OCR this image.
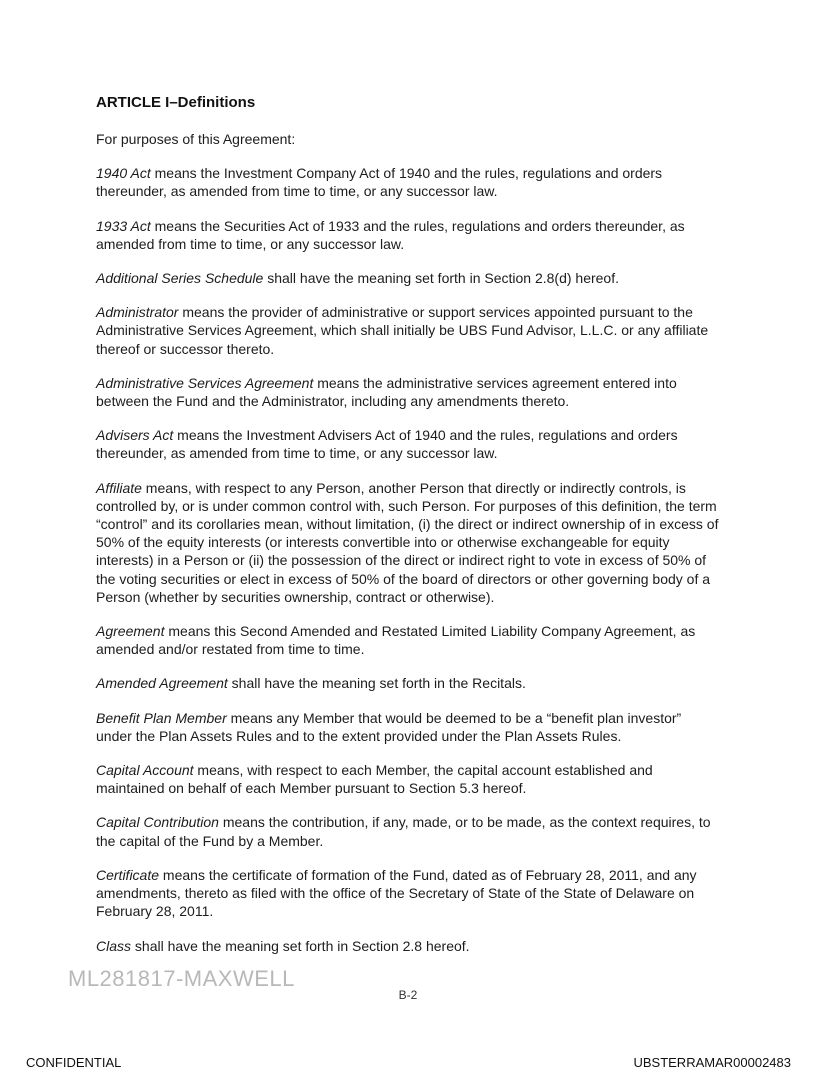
ARTICLE I–Definitions

For purposes of this Agreement:

1940 Act means the Investment Company Act of 1940 and the rules, regulations and orders thereunder, as amended from time to time, or any successor law.

1933 Act means the Securities Act of 1933 and the rules, regulations and orders thereunder, as amended from time to time, or any successor law.

Additional Series Schedule shall have the meaning set forth in Section 2.8(d) hereof.

Administrator means the provider of administrative or support services appointed pursuant to the Administrative Services Agreement, which shall initially be UBS Fund Advisor, L.L.C. or any affiliate thereof or successor thereto.

Administrative Services Agreement means the administrative services agreement entered into between the Fund and the Administrator, including any amendments thereto.

Advisers Act means the Investment Advisers Act of 1940 and the rules, regulations and orders thereunder, as amended from time to time, or any successor law.

Affiliate means, with respect to any Person, another Person that directly or indirectly controls, is controlled by, or is under common control with, such Person. For purposes of this definition, the term “control” and its corollaries mean, without limitation, (i) the direct or indirect ownership of in excess of 50% of the equity interests (or interests convertible into or otherwise exchangeable for equity interests) in a Person or (ii) the possession of the direct or indirect right to vote in excess of 50% of the voting securities or elect in excess of 50% of the board of directors or other governing body of a Person (whether by securities ownership, contract or otherwise).

Agreement means this Second Amended and Restated Limited Liability Company Agreement, as amended and/or restated from time to time.

Amended Agreement shall have the meaning set forth in the Recitals.

Benefit Plan Member means any Member that would be deemed to be a “benefit plan investor” under the Plan Assets Rules and to the extent provided under the Plan Assets Rules.

Capital Account means, with respect to each Member, the capital account established and maintained on behalf of each Member pursuant to Section 5.3 hereof.

Capital Contribution means the contribution, if any, made, or to be made, as the context requires, to the capital of the Fund by a Member.

Certificate means the certificate of formation of the Fund, dated as of February 28, 2011, and any amendments, thereto as filed with the office of the Secretary of State of the State of Delaware on February 28, 2011.

Class shall have the meaning set forth in Section 2.8 hereof.

ML281817-MAXWELL
B-2
CONFIDENTIAL	UBSTERRAMAR00002483
